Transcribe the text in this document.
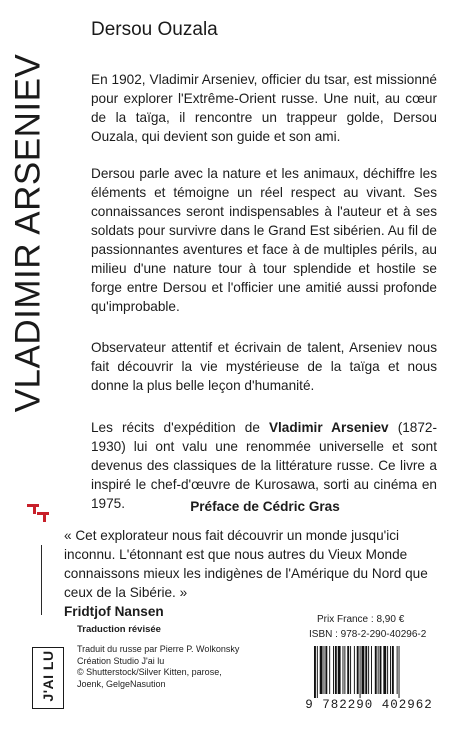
VLADIMIR ARSENIEV
Dersou Ouzala

En 1902, Vladimir Arseniev, officier du tsar, est missionné pour explorer l'Extrême-Orient russe. Une nuit, au cœur de la taïga, il rencontre un trappeur golde, Dersou Ouzala, qui devient son guide et son ami.

Dersou parle avec la nature et les animaux, déchiffre les éléments et témoigne un réel respect au vivant. Ses connaissances seront indispensables à l'auteur et à ses soldats pour survivre dans le Grand Est sibérien. Au fil de passionnantes aventures et face à de multiples périls, au milieu d'une nature tour à tour splendide et hostile se forge entre Dersou et l'officier une amitié aussi profonde qu'improbable.

Observateur attentif et écrivain de talent, Arseniev nous fait découvrir la vie mystérieuse de la taïga et nous donne la plus belle leçon d'humanité.

Les récits d'expédition de Vladimir Arseniev (1872-1930) lui ont valu une renommée universelle et sont devenus des classiques de la littérature russe. Ce livre a inspiré le chef-d'œuvre de Kurosawa, sorti au cinéma en 1975.	Préface de Cédric Gras

« Cet explorateur nous fait découvrir un monde jusqu'ici inconnu. L'étonnant est que nous autres du Vieux Monde connaissons mieux les indigènes de l'Amérique du Nord que ceux de la Sibérie. »
Fridtjof Nansen

J'AI LU

Traduction révisée

Traduit du russe par Pierre P. Wolkonsky
Création Studio J'ai lu
© Shutterstock/Silver Kitten, parose,
Joenk, GelgeNasution

Prix France : 8,90 €

ISBN : 978-2-290-40296-2

9 782290 402962
